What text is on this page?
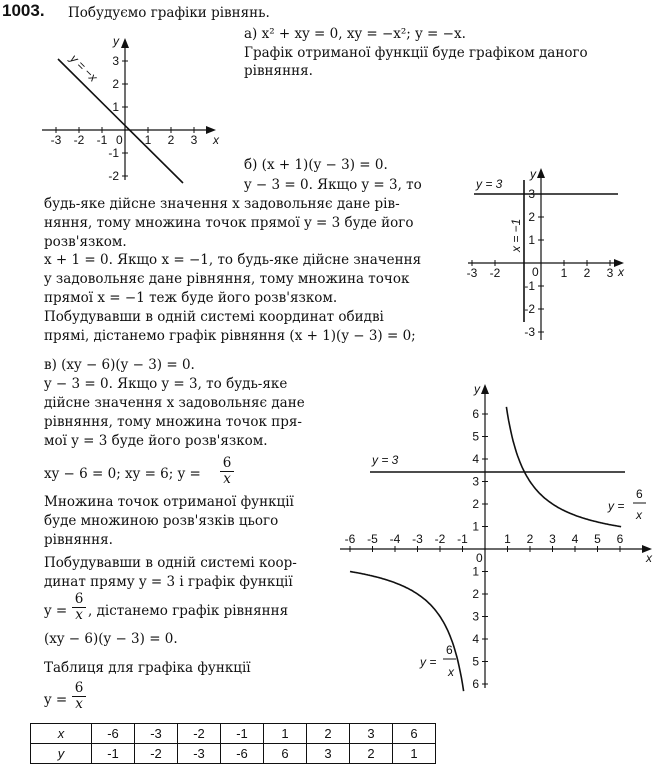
1003. Побудуємо графіки рівнянь.
а) x² + xy = 0, xy = −x²; y = −x.
Графік отриманої функції буде графіком даного
рівняння.
x
y
0
-3 -2 -1	1 2 3
3
2
1
-1
-2
y = −x
б) (x + 1)(y − 3) = 0.
y − 3 = 0. Якщо y = 3, то
будь-яке дійсне значення x задовольняє дане рів-
няння, тому множина точок прямої y = 3 буде його
розв'язком.
x + 1 = 0. Якщо x = −1, то будь-яке дійсне значення
y задовольняє дане рівняння, тому множина точок
прямої x = −1 теж буде його розв'язком.
Побудувавши в одній системі координат обидві
прямі, дістанемо графік рівняння (x + 1)(y − 3) = 0;
x
y
0
-3 -2	1 2 3
3
2
1
-1
-2
-3
y = 3
x = −1
в) (xy − 6)(y − 3) = 0.
y − 3 = 0. Якщо y = 3, то будь-яке
дійсне значення x задовольняє дане
рівняння, тому множина точок пря-
мої y = 3 буде його розв'язком.
xy − 6 = 0; xy = 6; y =
6
x
Множина точок отриманої функції
буде множиною розв'язків цього
рівняння.
Побудувавши в одній системі коор-
динат пряму y = 3 і графік функції
y =
6
x , дістанемо графік рівняння
(xy − 6)(y − 3) = 0.
Таблиця для графіка функції
y =
6
x
x
y
0
-6 -5 -4 -3 -2 -1	1 2 3 4 5 6
6
5
4
3
2
1
1
2
3
4
5
6
y = 3
y =
6
x
y =
6
x
x	-6	-3	-2	-1	1	2	3	6
y	-1	-2	-3	-6	6	3	2	1
